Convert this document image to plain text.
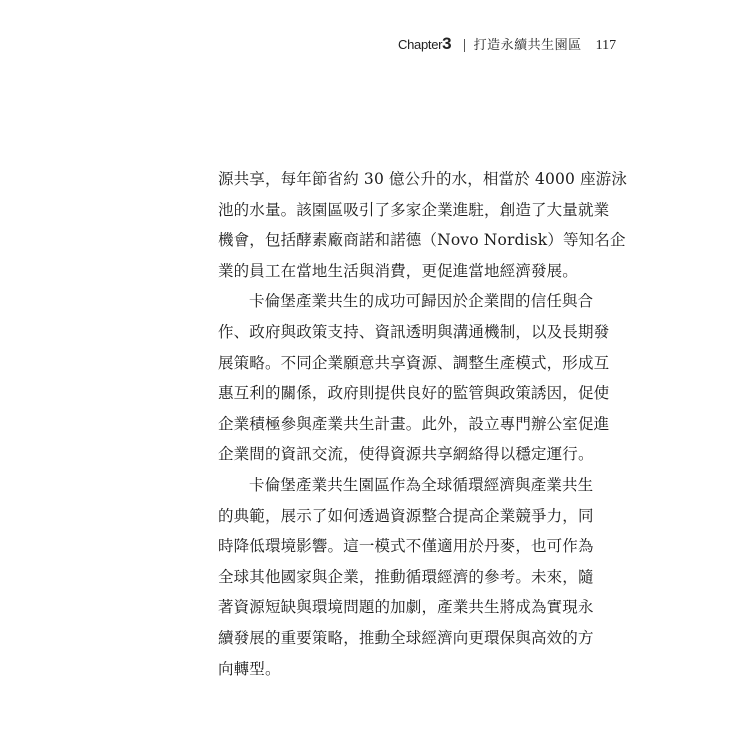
Chapter 3 打造永續共生園區 117
源共享，每年節省約 30 億公升的水，相當於 4000 座游泳
池的水量。該園區吸引了多家企業進駐，創造了大量就業
機會，包括酵素廠商諾和諾德（Novo Nordisk）等知名企
業的員工在當地生活與消費，更促進當地經濟發展。
卡倫堡產業共生的成功可歸因於企業間的信任與合
作、政府與政策支持、資訊透明與溝通機制，以及長期發
展策略。不同企業願意共享資源、調整生產模式，形成互
惠互利的關係，政府則提供良好的監管與政策誘因，促使
企業積極參與產業共生計畫。此外，設立專門辦公室促進
企業間的資訊交流，使得資源共享網絡得以穩定運行。
卡倫堡產業共生園區作為全球循環經濟與產業共生
的典範，展示了如何透過資源整合提高企業競爭力，同
時降低環境影響。這一模式不僅適用於丹麥，也可作為
全球其他國家與企業，推動循環經濟的參考。未來，隨
著資源短缺與環境問題的加劇，產業共生將成為實現永
續發展的重要策略，推動全球經濟向更環保與高效的方
向轉型。
